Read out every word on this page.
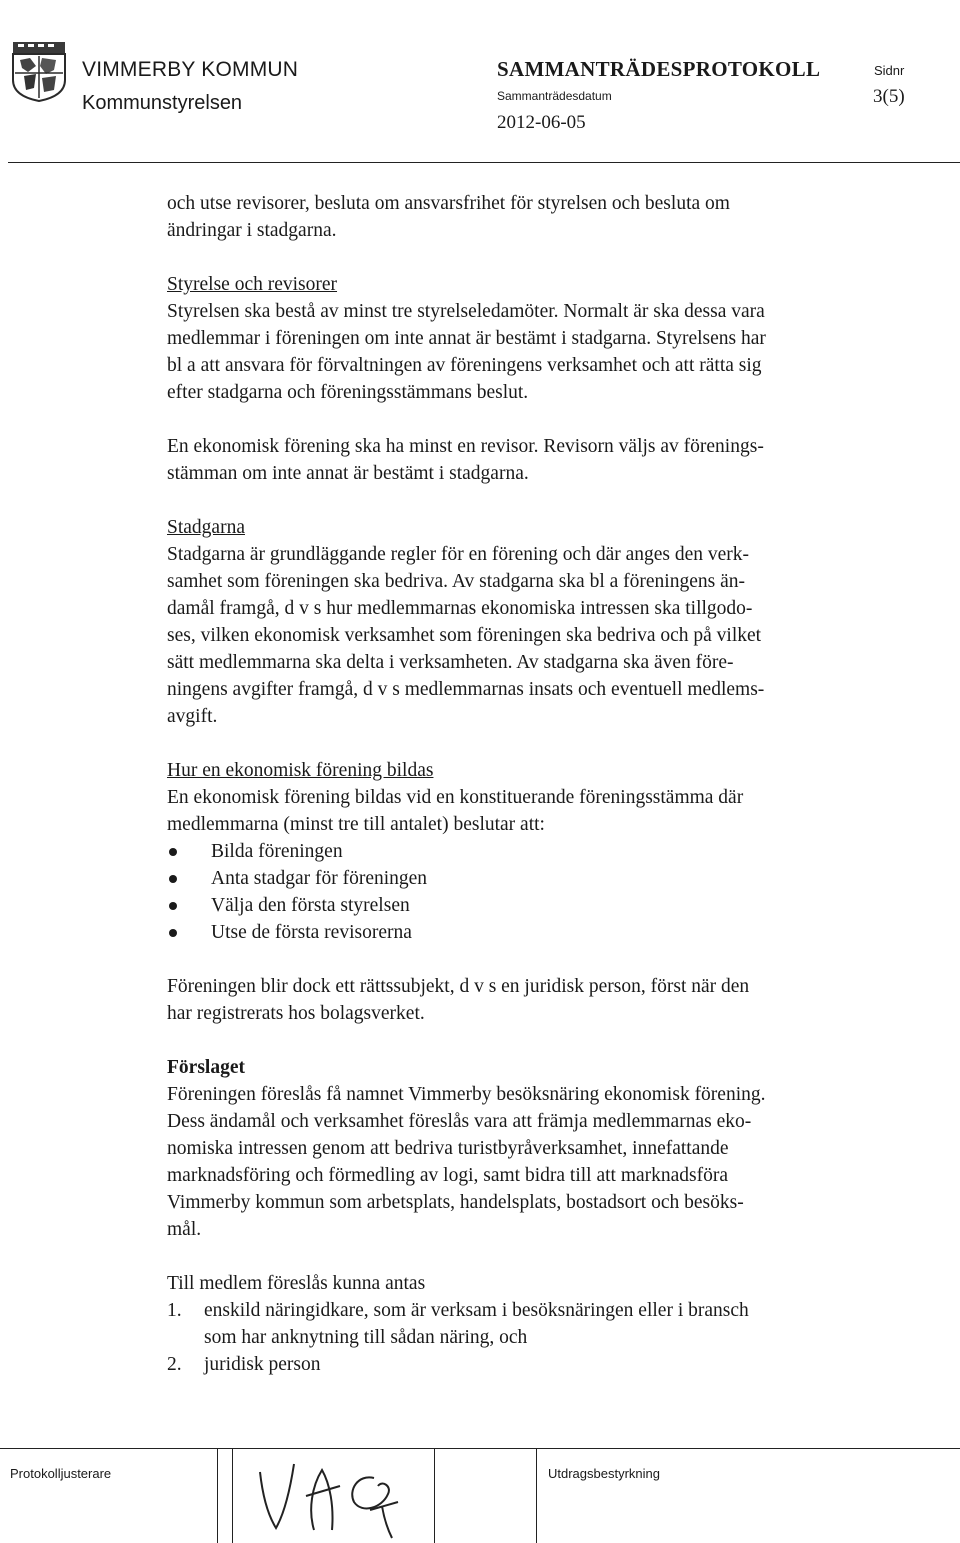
VIMMERBY KOMMUN
Kommunstyrelsen
SAMMANTRÄDESPROTOKOLL
Sammanträdesdatum
2012-06-05
Sidnr
3(5)

och utse revisorer, besluta om ansvarsfrihet för styrelsen och besluta om
ändringar i stadgarna.

Styrelse och revisorer

Styrelsen ska bestå av minst tre styrelseledamöter. Normalt är ska dessa vara
medlemmar i föreningen om inte annat är bestämt i stadgarna. Styrelsens har
bl a att ansvara för förvaltningen av föreningens verksamhet och att rätta sig
efter stadgarna och föreningsstämmans beslut.

En ekonomisk förening ska ha minst en revisor. Revisorn väljs av förenings-
stämman om inte annat är bestämt i stadgarna.

Stadgarna

Stadgarna är grundläggande regler för en förening och där anges den verk-
samhet som föreningen ska bedriva. Av stadgarna ska bl a föreningens än-
damål framgå, d v s hur medlemmarnas ekonomiska intressen ska tillgodo-
ses, vilken ekonomisk verksamhet som föreningen ska bedriva och på vilket
sätt medlemmarna ska delta i verksamheten. Av stadgarna ska även före-
ningens avgifter framgå, d v s medlemmarnas insats och eventuell medlems-
avgift.

Hur en ekonomisk förening bildas

En ekonomisk förening bildas vid en konstituerande föreningsstämma där
medlemmarna (minst tre till antalet) beslutar att:

Bilda föreningen
Anta stadgar för föreningen
Välja den första styrelsen
Utse de första revisorerna

Föreningen blir dock ett rättssubjekt, d v s en juridisk person, först när den
har registrerats hos bolagsverket.

Förslaget

Föreningen föreslås få namnet Vimmerby besöksnäring ekonomisk förening.
Dess ändamål och verksamhet föreslås vara att främja medlemmarnas eko-
nomiska intressen genom att bedriva turistbyråverksamhet, innefattande
marknadsföring och förmedling av logi, samt bidra till att marknadsföra
Vimmerby kommun som arbetsplats, handelsplats, bostadsort och besöks-
mål.

Till medlem föreslås kunna antas

1.	enskild näringidkare, som är verksam i besöksnäringen eller i bransch
som har anknytning till sådan näring, och
2.	juridisk person
Protokolljusterare	Utdragsbestyrkning
